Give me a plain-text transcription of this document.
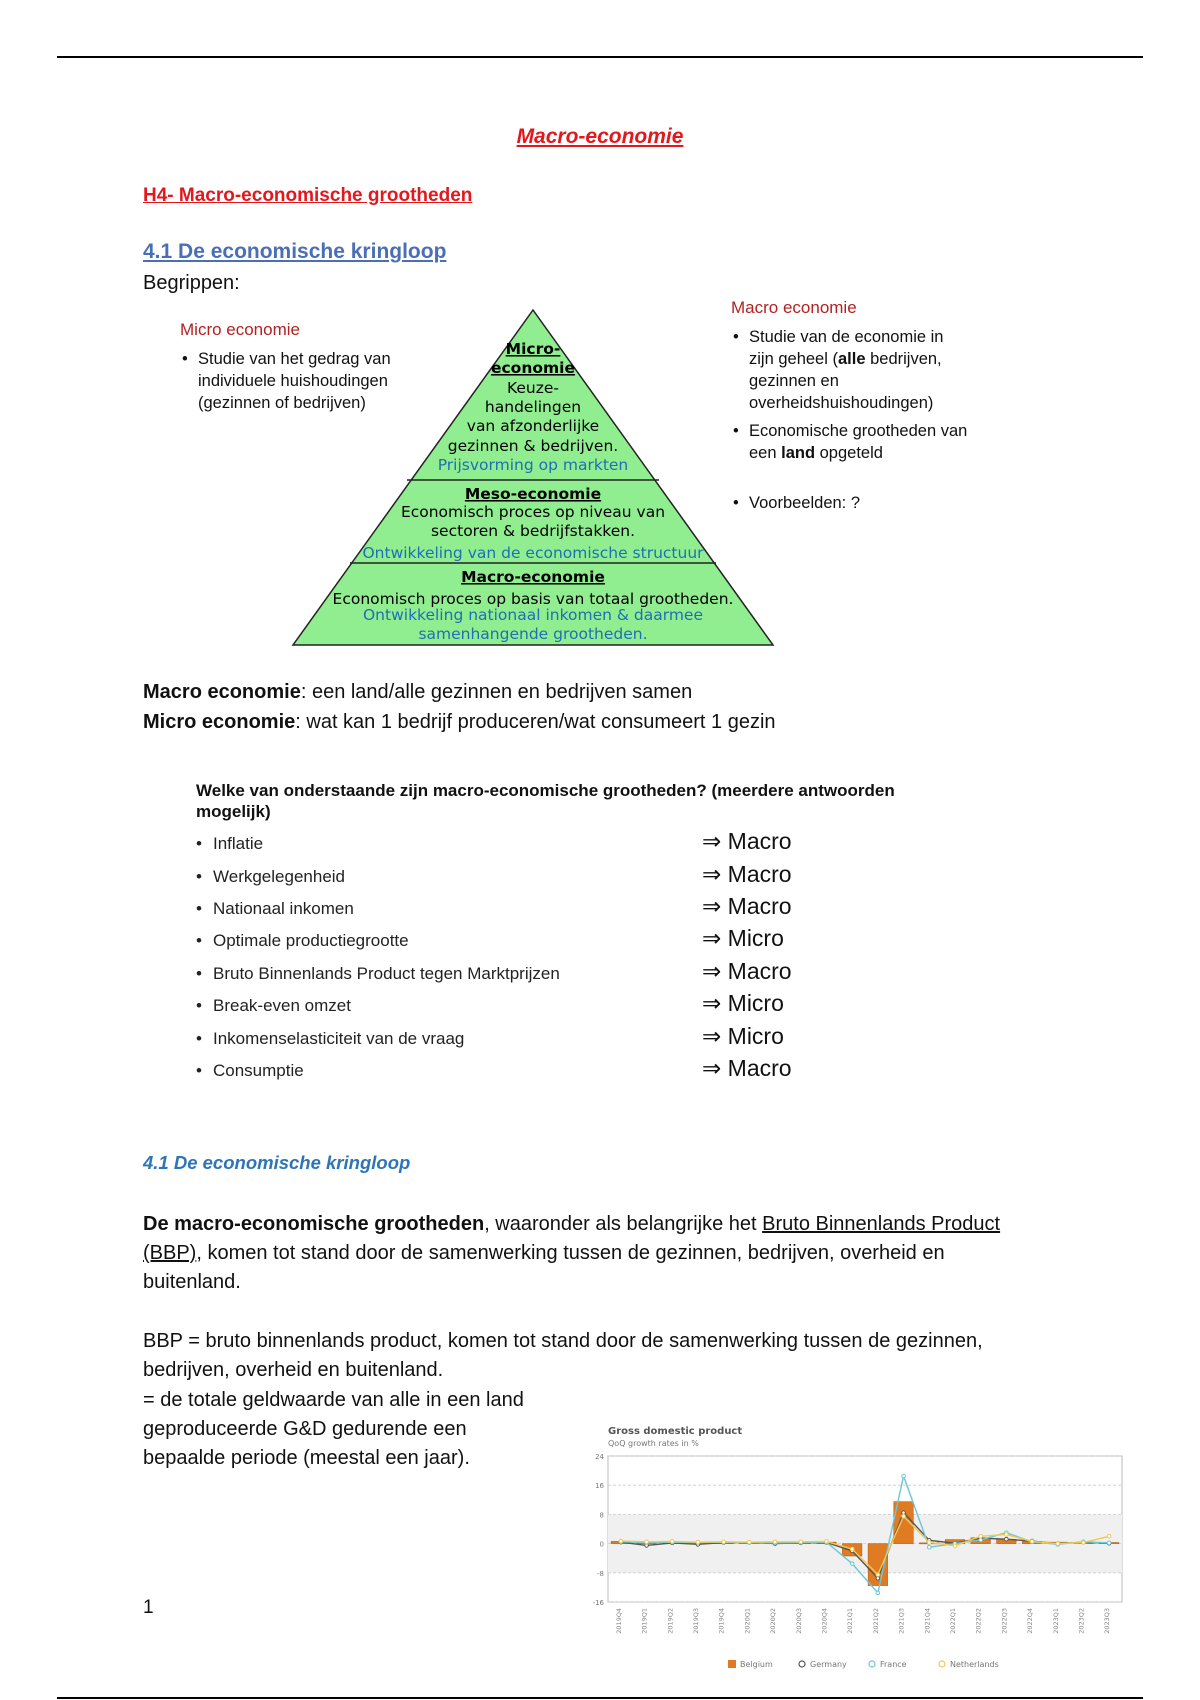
Macro-economie
H4- Macro-economische grootheden
4.1 De economische kringloop
Begrippen:
Micro economie
• Studie van het gedrag van individuele huishoudingen (gezinnen of bedrijven)
Macro economie
• Studie van de economie in zijn geheel (alle bedrijven, gezinnen en overheidshuishoudingen)
• Economische grootheden van een land opgeteld
• Voorbeelden: ?
Micro-
economie
Keuze-
handelingen
van afzonderlijke
gezinnen & bedrijven.
Prijsvorming op markten
Meso-economie
Economisch proces op niveau van
sectoren & bedrijfstakken.
Ontwikkeling van de economische structuur
Macro-economie
Economisch proces op basis van totaal grootheden.
Ontwikkeling nationaal inkomen & daarmee
samenhangende grootheden.
Macro economie: een land/alle gezinnen en bedrijven samen
Micro economie: wat kan 1 bedrijf produceren/wat consumeert 1 gezin
Welke van onderstaande zijn macro-economische grootheden? (meerdere antwoorden mogelijk)
• Inflatie	⇒ Macro
• Werkgelegenheid	⇒ Macro
• Nationaal inkomen	⇒ Macro
• Optimale productiegrootte	⇒ Micro
• Bruto Binnenlands Product tegen Marktprijzen	⇒ Macro
• Break-even omzet	⇒ Micro
• Inkomenselasticiteit van de vraag	⇒ Micro
• Consumptie	⇒ Macro
4.1 De economische kringloop
De macro-economische grootheden, waaronder als belangrijke het Bruto Binnenlands Product (BBP), komen tot stand door de samenwerking tussen de gezinnen, bedrijven, overheid en buitenland.
BBP = bruto binnenlands product, komen tot stand door de samenwerking tussen de gezinnen, bedrijven, overheid en buitenland.
= de totale geldwaarde van alle in een land geproduceerde G&D gedurende een bepaalde periode (meestal een jaar).
Gross domestic product
QoQ growth rates in %
24
16
8
0
-8
-16
2019Q4	2019Q1	2019Q2	2019Q3	2019Q4	2020Q1	2020Q2	2020Q3	2020Q4	2021Q1	2021Q2	2021Q3	2021Q4	2022Q1	2022Q2	2022Q3	2022Q4	2023Q1	2023Q2	2023Q3
Belgium	Germany	France	Netherlands
1
